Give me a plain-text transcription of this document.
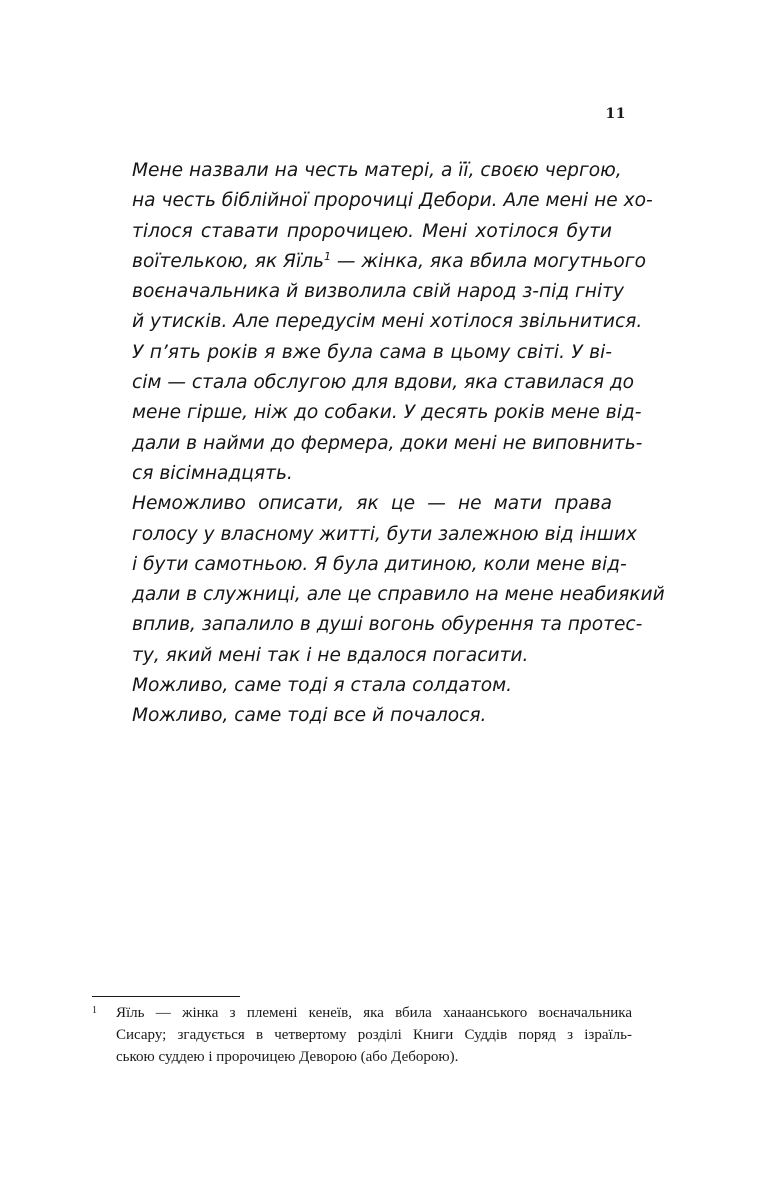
11
Мене назвали на честь матері, а її, своєю чергою,
на честь біблійної пророчиці Дебори. Але мені не хо-
тілося ставати пророчицею. Мені хотілося бути
воїтелькою, як Яїль$^1$ — жінка, яка вбила могутнього
воєначальника й визволила свій народ з-під гніту
й утисків. Але передусім мені хотілося звільнитися.
У п’ять років я вже була сама в цьому світі. У ві-
сім — стала обслугою для вдови, яка ставилася до
мене гірше, ніж до собаки. У десять років мене від-
дали в найми до фермера, доки мені не виповнить-
ся вісімнадцять.
Неможливо описати, як це — не мати права
голосу у власному житті, бути залежною від інших
і бути самотньою. Я була дитиною, коли мене від-
дали в служниці, але це справило на мене неабиякий
вплив, запалило в душі вогонь обурення та протес-
ту, який мені так і не вдалося погасити.
Можливо, саме тоді я стала солдатом.
Можливо, саме тоді все й почалося.
1 Яїль — жінка з племені кенеїв, яка вбила ханаанського воєначальника
Сисару; згадується в четвертому розділі Книги Суддів поряд з ізраїль-
ською суддею і пророчицею Деворою (або Деборою).
